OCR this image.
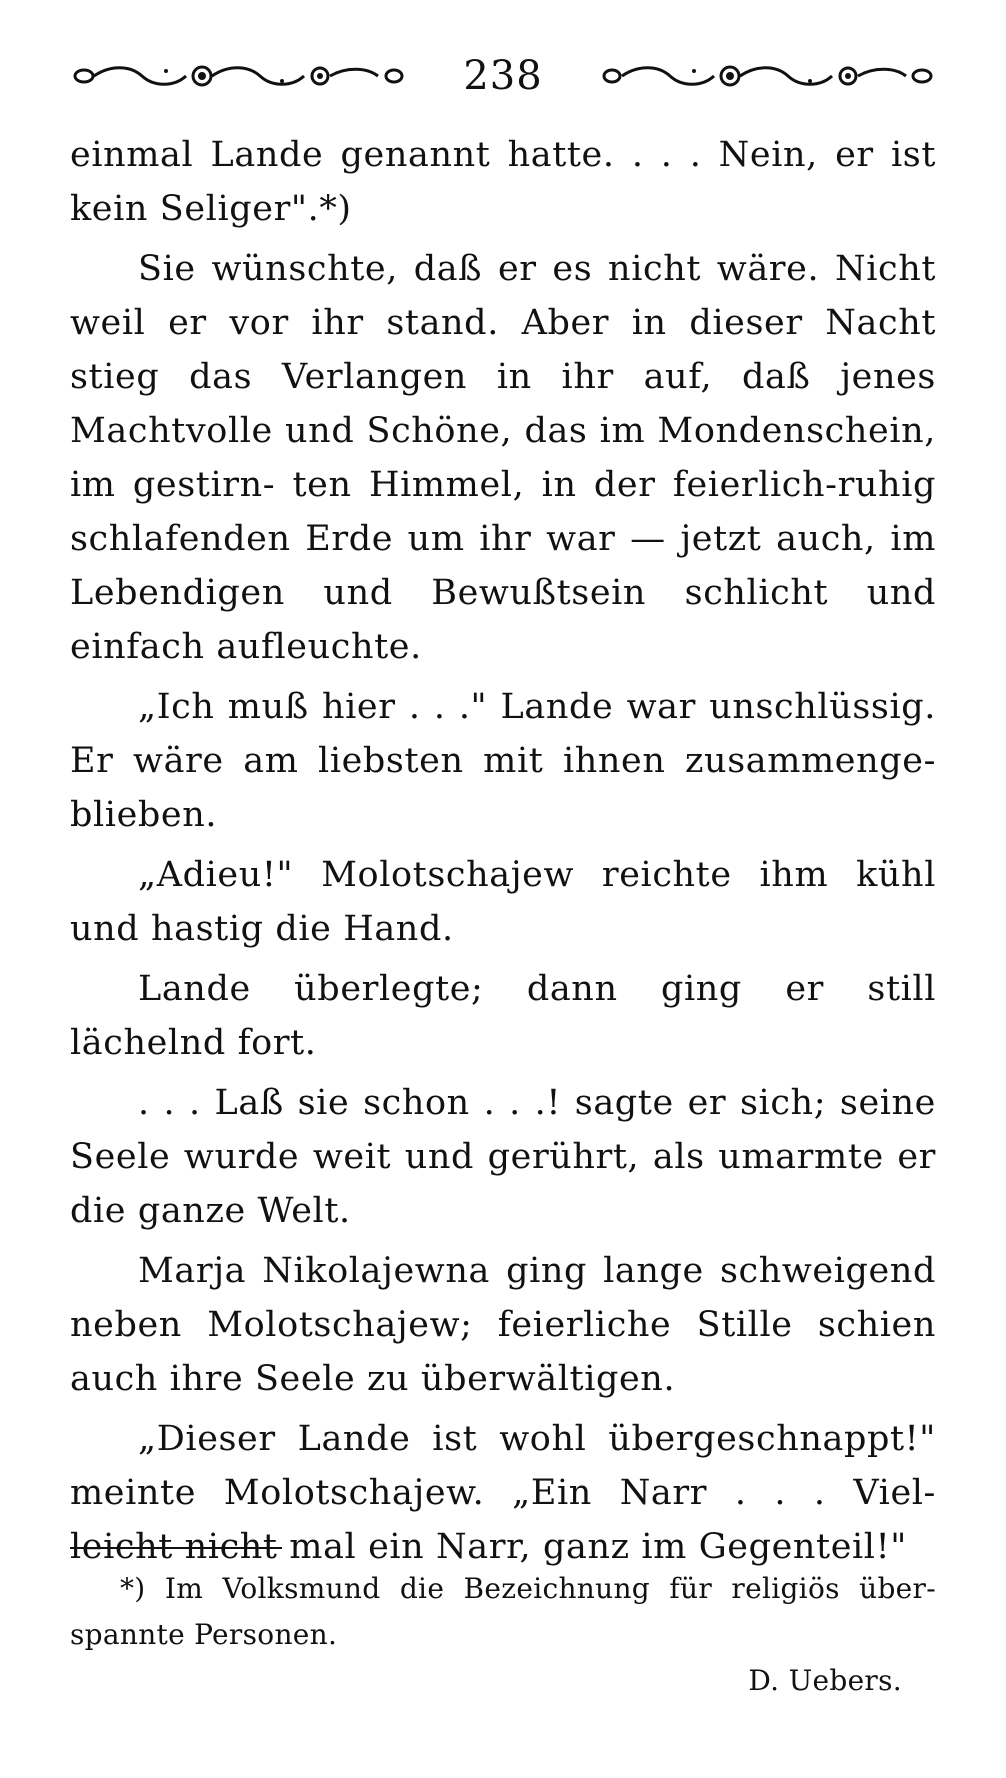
238

einmal Lande genannt hatte. . . . Nein, er ist kein Seliger".*)

Sie wünschte, daß er es nicht wäre. Nicht weil er vor ihr stand. Aber in dieser Nacht stieg das Verlangen in ihr auf, daß jenes Machtvolle und Schöne, das im Mondenschein, im gestirn- ten Himmel, in der feierlich-ruhig schlafenden Erde um ihr war — jetzt auch, im Lebendigen und Bewußtsein schlicht und einfach aufleuchte.

„Ich muß hier . . ." Lande war unschlüssig. Er wäre am liebsten mit ihnen zusammenge- blieben.

„Adieu!" Molotschajew reichte ihm kühl und hastig die Hand.

Lande überlegte; dann ging er still lächelnd fort.

. . . Laß sie schon . . .! sagte er sich; seine Seele wurde weit und gerührt, als umarmte er die ganze Welt.

Marja Nikolajewna ging lange schweigend neben Molotschajew; feierliche Stille schien auch ihre Seele zu überwältigen.

„Dieser Lande ist wohl übergeschnappt!" meinte Molotschajew. „Ein Narr . . . Viel- leicht nicht mal ein Narr, ganz im Gegenteil!"

*) Im Volksmund die Bezeichnung für religiös über- spannte Personen.
D. Uebers.
